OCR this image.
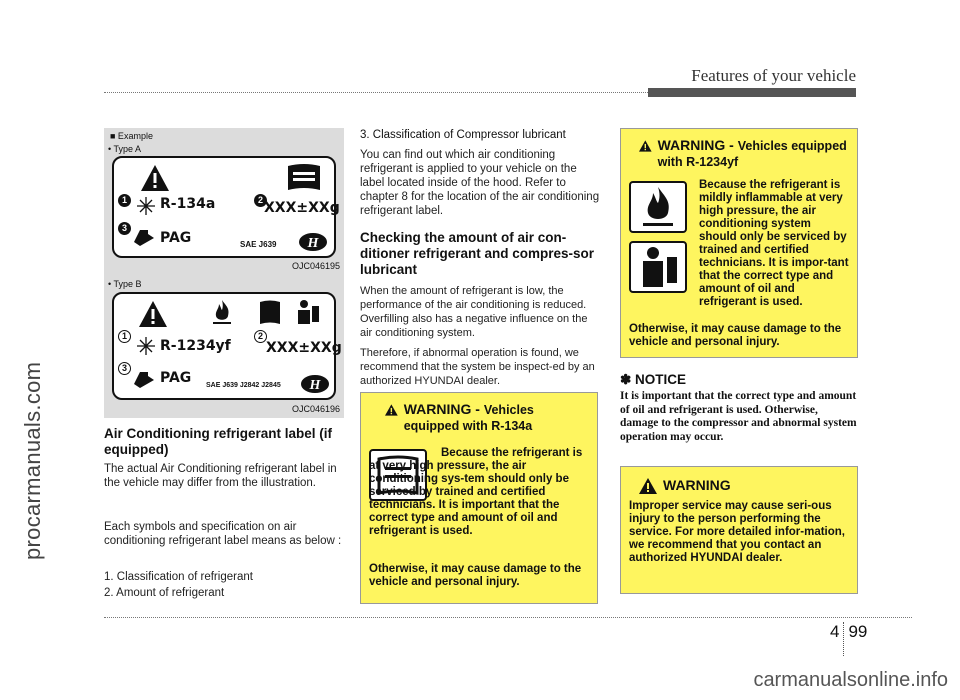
Features of your vehicle
procarmanuals.com
carmanualsonline.info
■ Example
• Type A
1 R-134a	2 XXX±XXg
3
PAG	SAE J639 H
OJC046195
• Type B
1
R-1234yf
2
XXX±XXg
3
PAG SAE J639 J2842 J2845 H
OJC046196
Air Conditioning refrigerant label (if equipped)

The actual Air Conditioning refrigerant label in the vehicle may differ from the illustration.

Each symbols and specification on air conditioning refrigerant label means as below :

1. Classification of refrigerant

2. Amount of refrigerant

3. Classification of Compressor lubricant

You can find out which air conditioning refrigerant is applied to your vehicle on the label located inside of the hood. Refer to chapter 8 for the location of the air conditioning refrigerant label.

Checking the amount of air con-ditioner refrigerant and compres-sor lubricant

When the amount of refrigerant is low, the performance of the air conditioning is reduced. Overfilling also has a negative influence on the air conditioning system.

Therefore, if abnormal operation is found, we recommend that the system be inspect-ed by an authorized HYUNDAI dealer.

WARNING - Vehicles equipped with R-134a

Because the refrigerant is at very high pressure, the air conditioning sys-tem should only be serviced by trained and certified technicians. It is important that the correct type and amount of oil and refrigerant is used.

Otherwise, it may cause damage to the vehicle and personal injury.

WARNING - Vehicles equipped with R-1234yf

Because the refrigerant is mildly inflammable at very high pressure, the air conditioning system should only be serviced by trained and certified technicians. It is impor-tant that the correct type and amount of oil and refrigerant is used.

Otherwise, it may cause damage to the vehicle and personal injury.

✽ NOTICE

It is important that the correct type and amount of oil and refrigerant is used. Otherwise, damage to the compressor and abnormal system operation may occur.

WARNING

Improper service may cause seri-ous injury to the person performing the service. For more detailed infor-mation, we recommend that you contact an authorized HYUNDAI dealer.

4 99
